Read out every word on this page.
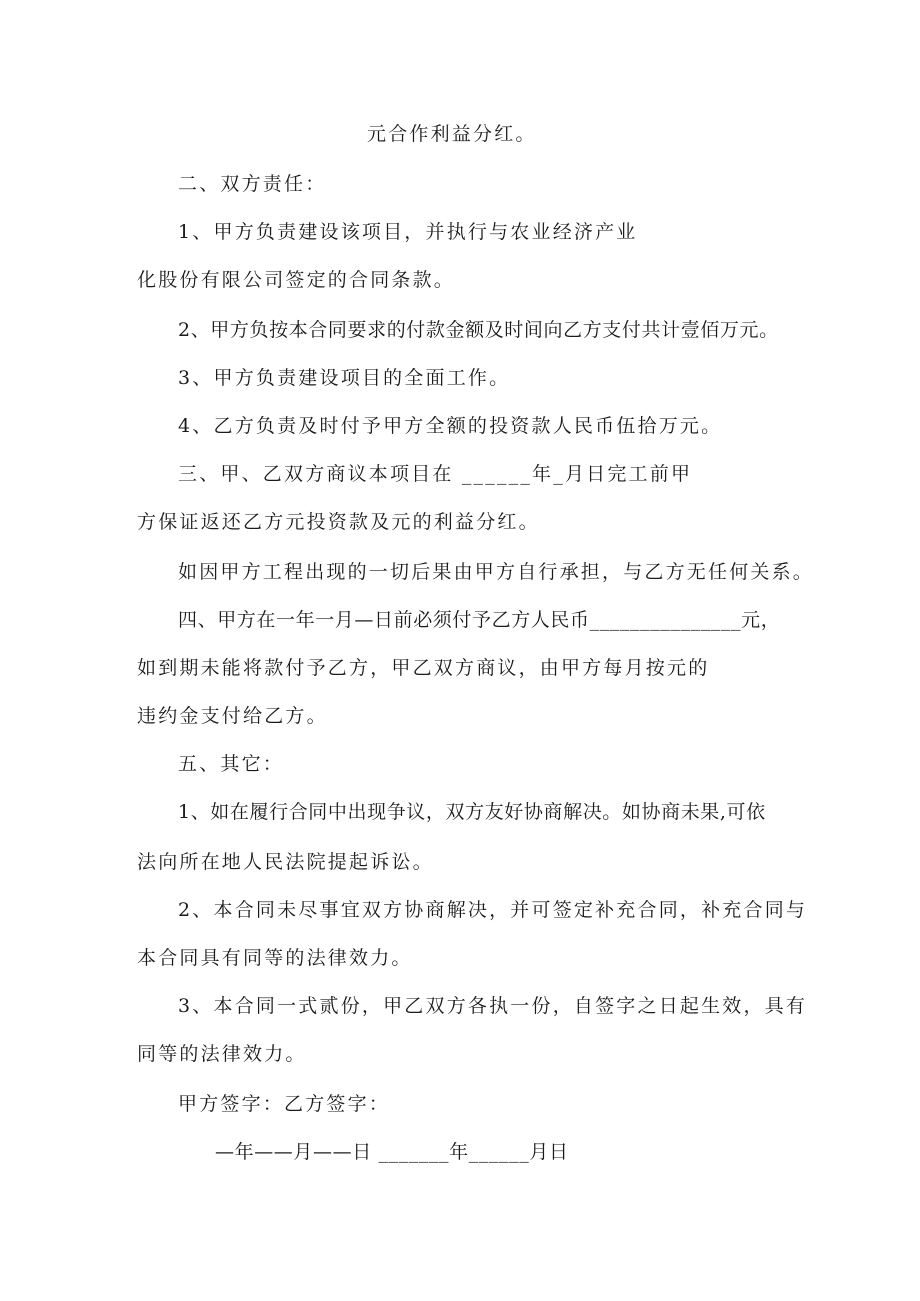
元合作利益分红。
二、双方责任：
1、甲方负责建设该项目，并执行与农业经济产业
化股份有限公司签定的合同条款。
2、甲方负按本合同要求的付款金额及时间向乙方支付共计壹佰万元。
3、甲方负责建设项目的全面工作。
4、乙方负责及时付予甲方全额的投资款人民币伍拾万元。
三、甲、乙双方商议本项目在 ______年_月日完工前甲
方保证返还乙方元投资款及元的利益分红。
如因甲方工程出现的一切后果由甲方自行承担，与乙方无任何关系。
四、甲方在一年一月—日前必须付予乙方人民币_______________元，
如到期未能将款付予乙方，甲乙双方商议，由甲方每月按元的
违约金支付给乙方。
五、其它：
1、如在履行合同中出现争议，双方友好协商解决。如协商未果,可依
法向所在地人民法院提起诉讼。
2、本合同未尽事宜双方协商解决，并可签定补充合同，补充合同与
本合同具有同等的法律效力。
3、本合同一式贰份，甲乙双方各执一份，自签字之日起生效，具有
同等的法律效力。
甲方签字：乙方签字：
—年——月——日 _______年______月日
